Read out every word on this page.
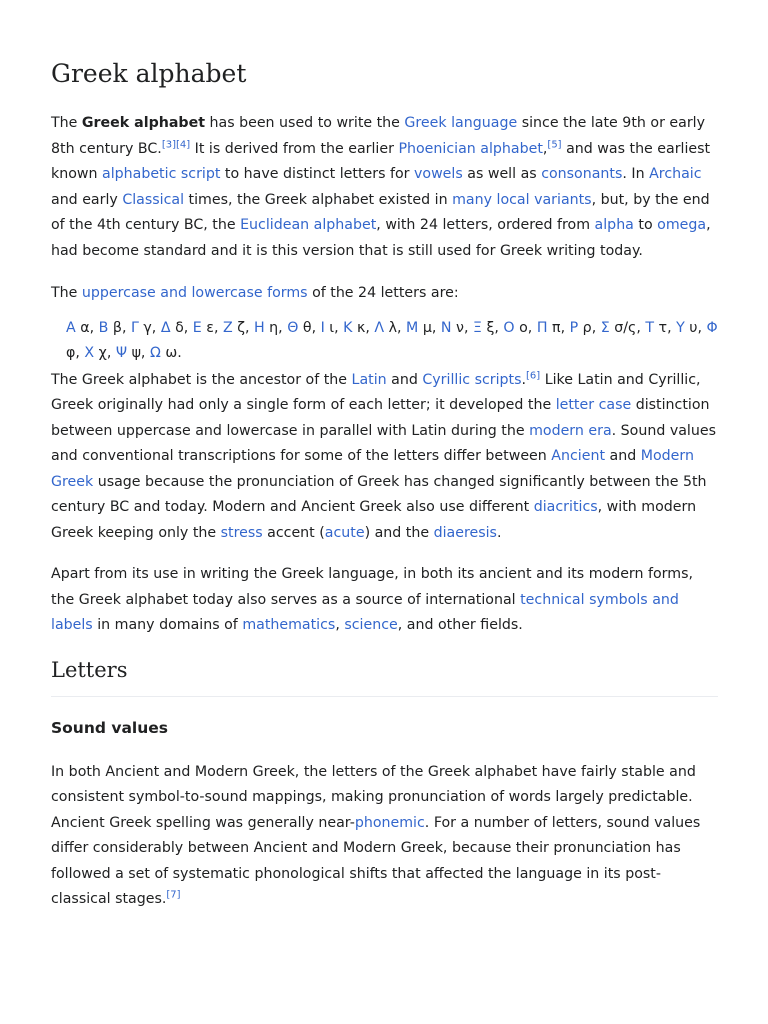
Greek alphabet

The Greek alphabet has been used to write the Greek language since the late 9th or early 8th century BC.[3][4] It is derived from the earlier Phoenician alphabet,[5] and was the earliest known alphabetic script to have distinct letters for vowels as well as consonants. In Archaic and early Classical times, the Greek alphabet existed in many local variants, but, by the end of the 4th century BC, the Euclidean alphabet, with 24 letters, ordered from alpha to omega, had become standard and it is this version that is still used for Greek writing today.

The uppercase and lowercase forms of the 24 letters are:

Α α, Β β, Γ γ, Δ δ, Ε ε, Ζ ζ, Η η, Θ θ, Ι ι, Κ κ, Λ λ, Μ μ, Ν ν, Ξ ξ, Ο ο, Π π, Ρ ρ, Σ σ/ς, Τ τ, Υ υ, Φ φ, Χ χ, Ψ ψ, Ω ω.

The Greek alphabet is the ancestor of the Latin and Cyrillic scripts.[6] Like Latin and Cyrillic, Greek originally had only a single form of each letter; it developed the letter case distinction between uppercase and lowercase in parallel with Latin during the modern era. Sound values and conventional transcriptions for some of the letters differ between Ancient and Modern Greek usage because the pronunciation of Greek has changed significantly between the 5th century BC and today. Modern and Ancient Greek also use different diacritics, with modern Greek keeping only the stress accent (acute) and the diaeresis.

Apart from its use in writing the Greek language, in both its ancient and its modern forms, the Greek alphabet today also serves as a source of international technical symbols and labels in many domains of mathematics, science, and other fields.

Letters
Sound values

In both Ancient and Modern Greek, the letters of the Greek alphabet have fairly stable and consistent symbol-to-sound mappings, making pronunciation of words largely predictable. Ancient Greek spelling was generally near-phonemic. For a number of letters, sound values differ considerably between Ancient and Modern Greek, because their pronunciation has followed a set of systematic phonological shifts that affected the language in its post-classical stages.[7]
